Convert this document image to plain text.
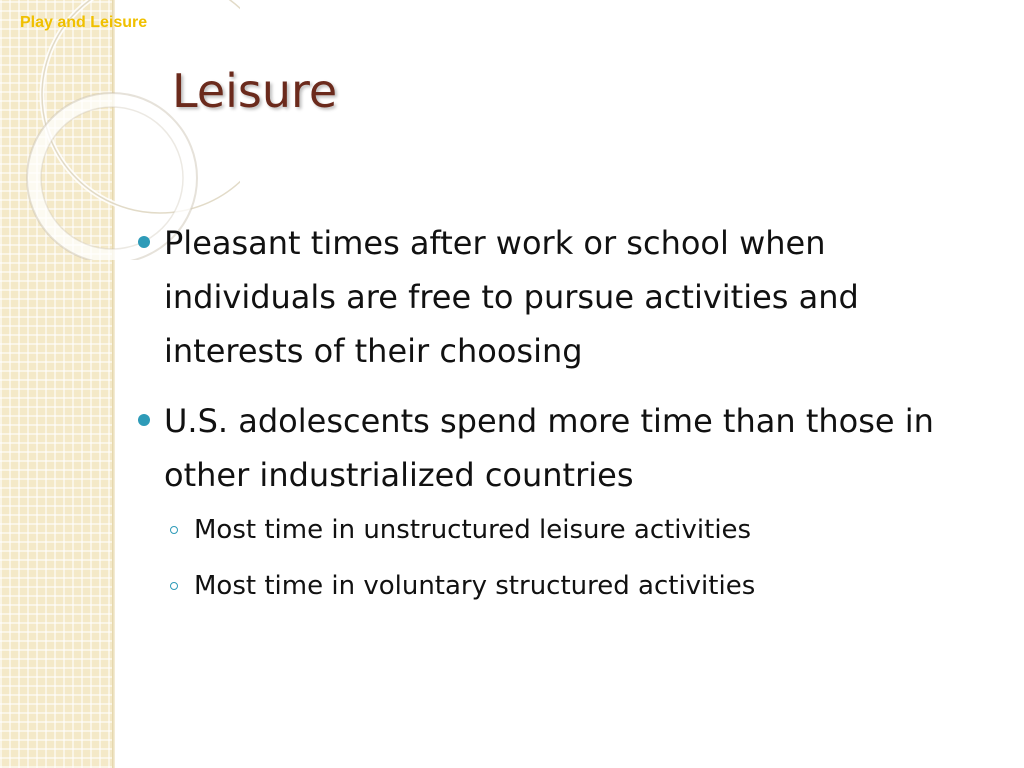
Play and Leisure
Leisure
Pleasant times after work or school when individuals are free to pursue activities and interests of their choosing
U.S. adolescents spend more time than those in other industrialized countries
Most time in unstructured leisure activities
Most time in voluntary structured activities
